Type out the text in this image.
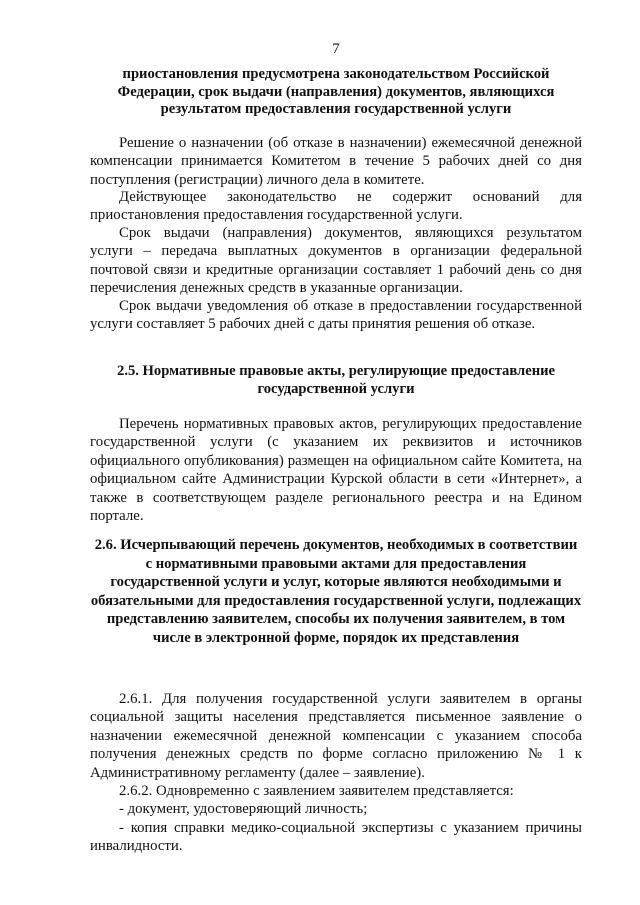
7
приостановления предусмотрена законодательством Российской Федерации, срок выдачи (направления) документов, являющихся результатом предоставления государственной услуги

Решение о назначении (об отказе в назначении) ежемесячной денежной компенсации принимается Комитетом в течение 5 рабочих дней со дня поступления (регистрации) личного дела в комитете.

Действующее законодательство не содержит оснований для приостановления предоставления государственной услуги.

Срок выдачи (направления) документов, являющихся результатом услуги – передача выплатных документов в организации федеральной почтовой связи и кредитные организации составляет 1 рабочий день со дня перечисления денежных средств в указанные организации.

Срок выдачи уведомления об отказе в предоставлении государственной услуги составляет 5 рабочих дней с даты принятия решения об отказе.

2.5. Нормативные правовые акты, регулирующие предоставление государственной услуги

Перечень нормативных правовых актов, регулирующих предоставление государственной услуги (с указанием их реквизитов и источников официального опубликования) размещен на официальном сайте Комитета, на официальном сайте Администрации Курской области в сети «Интернет», а также в соответствующем разделе регионального реестра и на Едином портале.

2.6. Исчерпывающий перечень документов, необходимых в соответствии с нормативными правовыми актами для предоставления государственной услуги и услуг, которые являются необходимыми и обязательными для предоставления государственной услуги, подлежащих представлению заявителем, способы их получения заявителем, в том числе в электронной форме, порядок их представления

2.6.1. Для получения государственной услуги заявителем в органы социальной защиты населения представляется письменное заявление о назначении ежемесячной денежной компенсации с указанием способа получения денежных средств по форме согласно приложению № 1 к Административному регламенту (далее – заявление).

2.6.2. Одновременно с заявлением заявителем представляется:

- документ, удостоверяющий личность;

- копия справки медико-социальной экспертизы с указанием причины инвалидности.
